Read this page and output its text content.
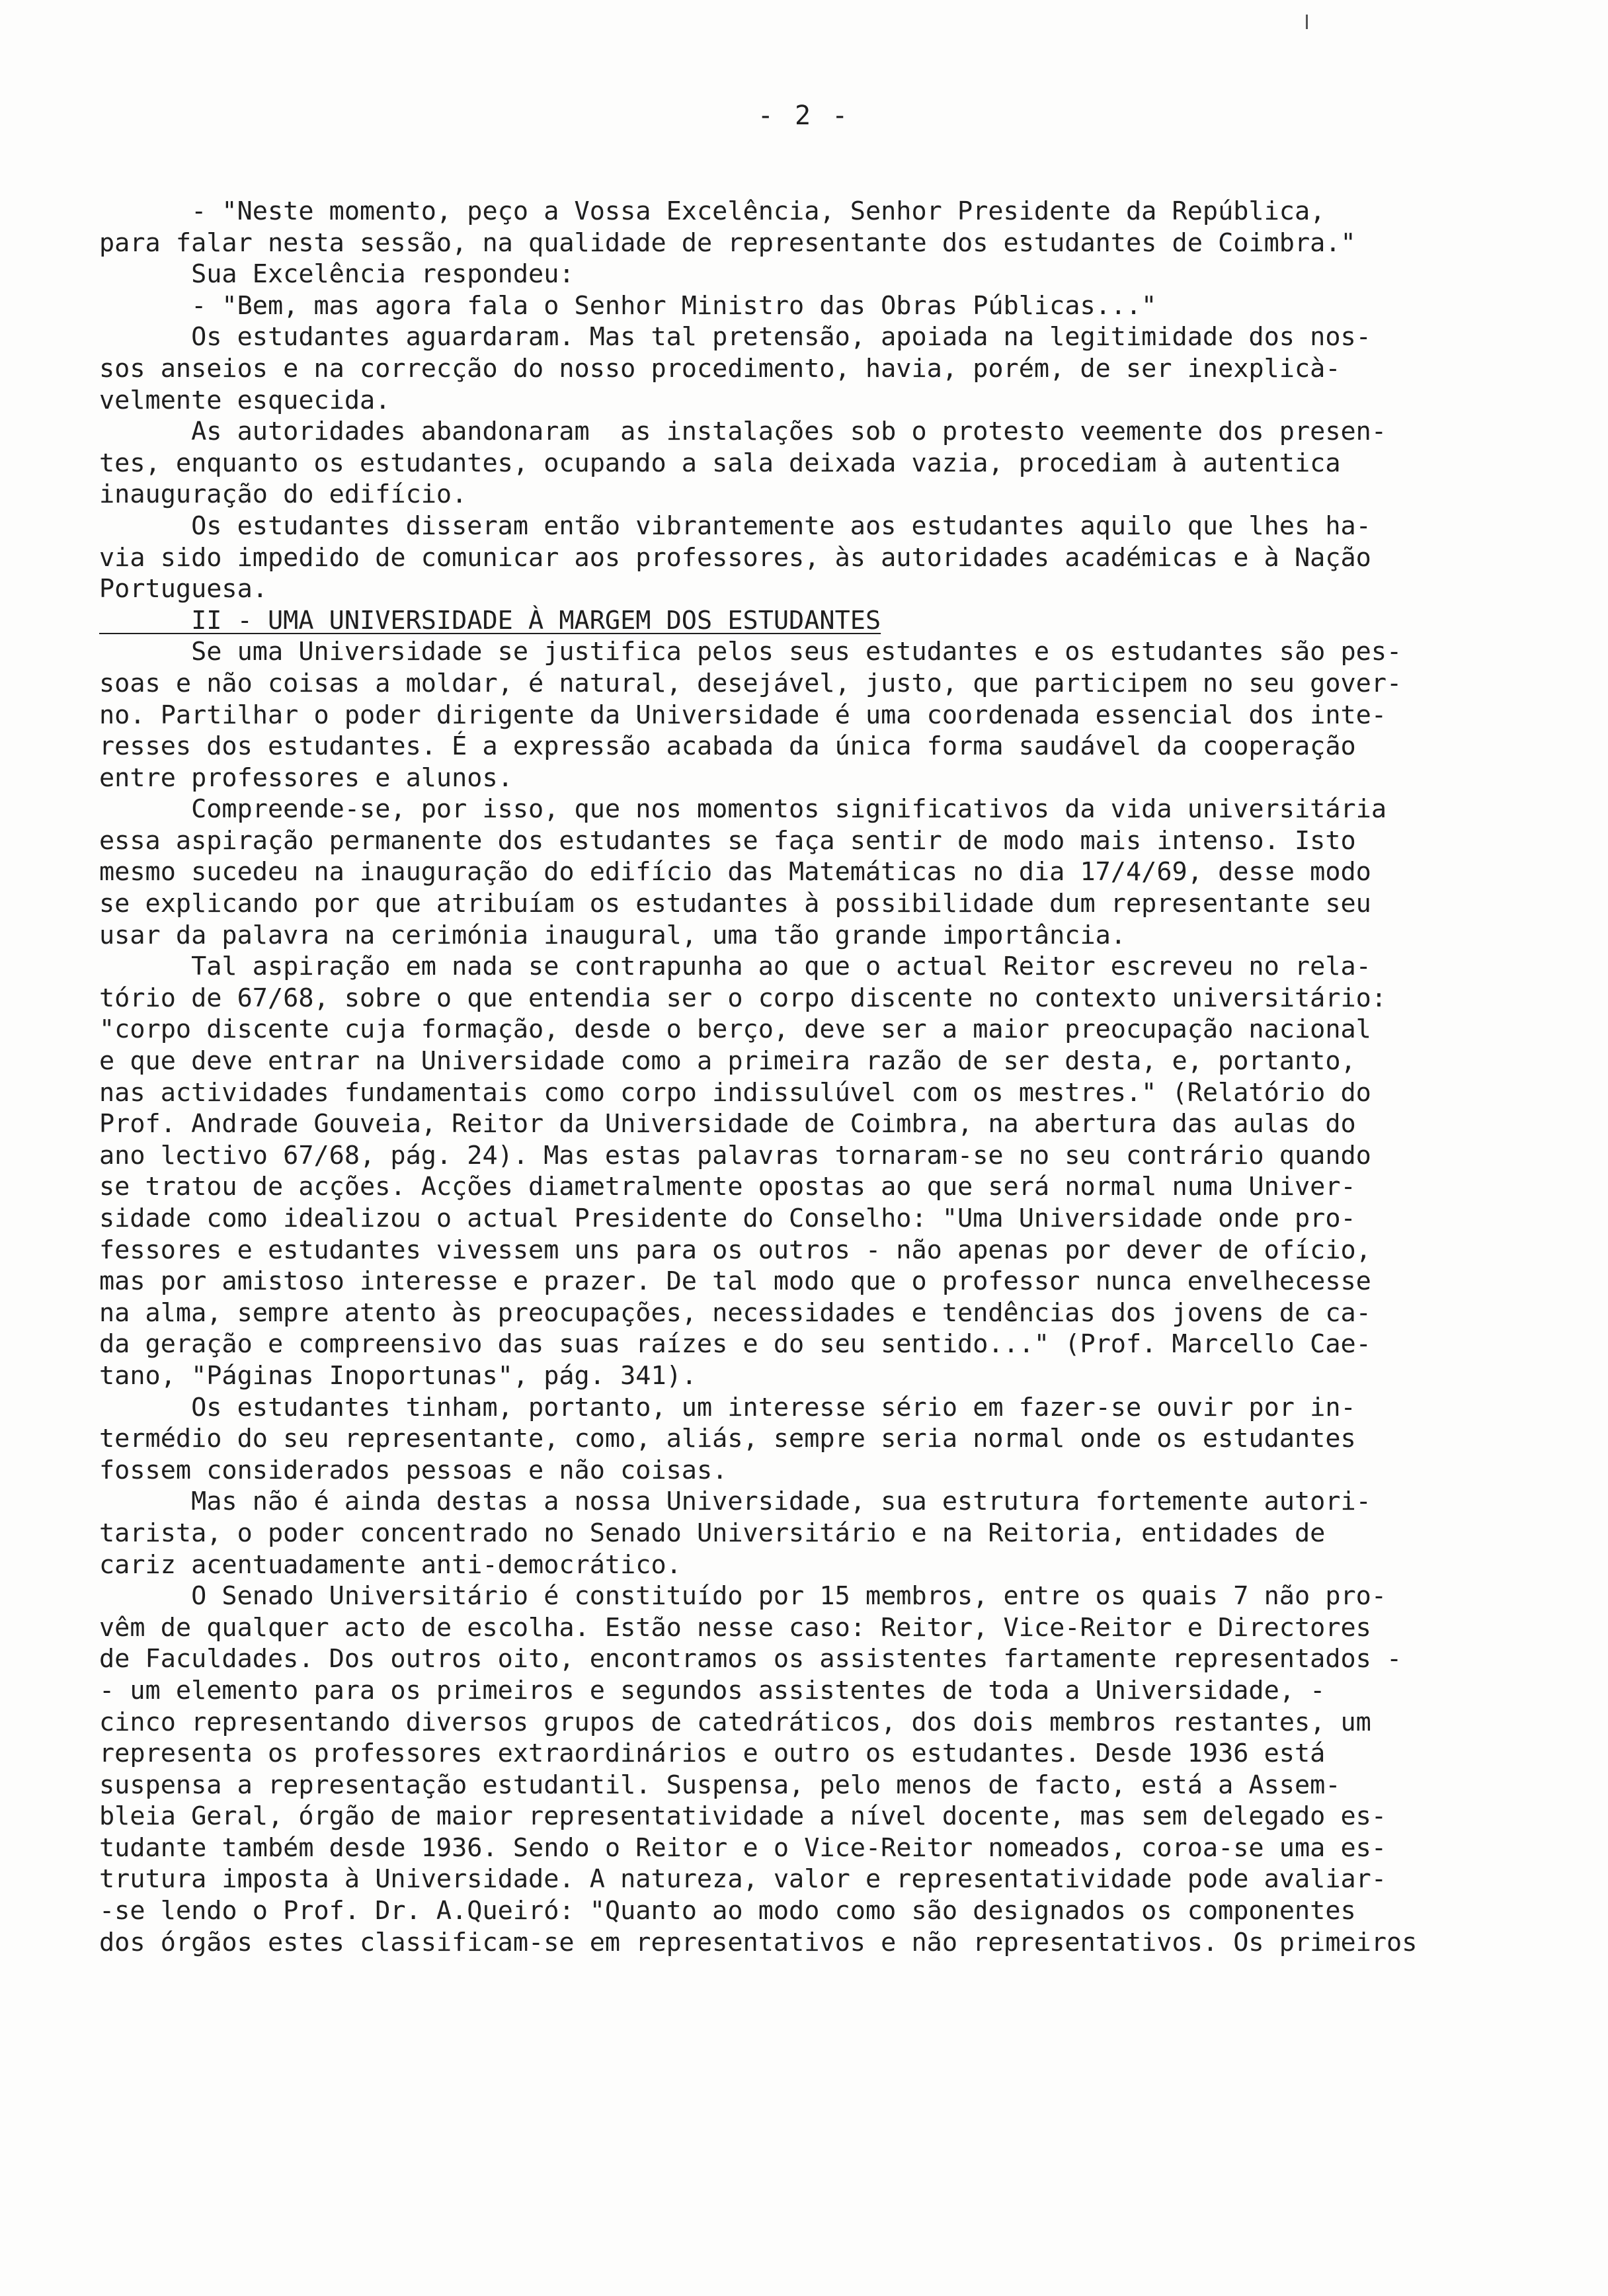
- 2 -
- "Neste momento, peço a Vossa Excelência, Senhor Presidente da República,
para falar nesta sessão, na qualidade de representante dos estudantes de Coimbra."
Sua Excelência respondeu:
- "Bem, mas agora fala o Senhor Ministro das Obras Públicas..."
Os estudantes aguardaram. Mas tal pretensão, apoiada na legitimidade dos nos-
sos anseios e na correcção do nosso procedimento, havia, porém, de ser inexplicà-
velmente esquecida.
As autoridades abandonaram  as instalações sob o protesto veemente dos presen-
tes, enquanto os estudantes, ocupando a sala deixada vazia, procediam à autentica
inauguração do edifício.
Os estudantes disseram então vibrantemente aos estudantes aquilo que lhes ha-
via sido impedido de comunicar aos professores, às autoridades académicas e à Nação
Portuguesa.
II - UMA UNIVERSIDADE À MARGEM DOS ESTUDANTES
Se uma Universidade se justifica pelos seus estudantes e os estudantes são pes-
soas e não coisas a moldar, é natural, desejável, justo, que participem no seu gover-
no. Partilhar o poder dirigente da Universidade é uma coordenada essencial dos inte-
resses dos estudantes. É a expressão acabada da única forma saudável da cooperação
entre professores e alunos.
Compreende-se, por isso, que nos momentos significativos da vida universitária
essa aspiração permanente dos estudantes se faça sentir de modo mais intenso. Isto
mesmo sucedeu na inauguração do edifício das Matemáticas no dia 17/4/69, desse modo
se explicando por que atribuíam os estudantes à possibilidade dum representante seu
usar da palavra na cerimónia inaugural, uma tão grande importância.
Tal aspiração em nada se contrapunha ao que o actual Reitor escreveu no rela-
tório de 67/68, sobre o que entendia ser o corpo discente no contexto universitário:
"corpo discente cuja formação, desde o berço, deve ser a maior preocupação nacional
e que deve entrar na Universidade como a primeira razão de ser desta, e, portanto,
nas actividades fundamentais como corpo indissulúvel com os mestres." (Relatório do
Prof. Andrade Gouveia, Reitor da Universidade de Coimbra, na abertura das aulas do
ano lectivo 67/68, pág. 24). Mas estas palavras tornaram-se no seu contrário quando
se tratou de acções. Acções diametralmente opostas ao que será normal numa Univer-
sidade como idealizou o actual Presidente do Conselho: "Uma Universidade onde pro-
fessores e estudantes vivessem uns para os outros - não apenas por dever de ofício,
mas por amistoso interesse e prazer. De tal modo que o professor nunca envelhecesse
na alma, sempre atento às preocupações, necessidades e tendências dos jovens de ca-
da geração e compreensivo das suas raízes e do seu sentido..." (Prof. Marcello Cae-
tano, "Páginas Inoportunas", pág. 341).
Os estudantes tinham, portanto, um interesse sério em fazer-se ouvir por in-
termédio do seu representante, como, aliás, sempre seria normal onde os estudantes
fossem considerados pessoas e não coisas.
Mas não é ainda destas a nossa Universidade, sua estrutura fortemente autori-
tarista, o poder concentrado no Senado Universitário e na Reitoria, entidades de
cariz acentuadamente anti-democrático.
O Senado Universitário é constituído por 15 membros, entre os quais 7 não pro-
vêm de qualquer acto de escolha. Estão nesse caso: Reitor, Vice-Reitor e Directores
de Faculdades. Dos outros oito, encontramos os assistentes fartamente representados -
- um elemento para os primeiros e segundos assistentes de toda a Universidade, -
cinco representando diversos grupos de catedráticos, dos dois membros restantes, um
representa os professores extraordinários e outro os estudantes. Desde 1936 está
suspensa a representação estudantil. Suspensa, pelo menos de facto, está a Assem-
bleia Geral, órgão de maior representatividade a nível docente, mas sem delegado es-
tudante também desde 1936. Sendo o Reitor e o Vice-Reitor nomeados, coroa-se uma es-
trutura imposta à Universidade. A natureza, valor e representatividade pode avaliar-
-se lendo o Prof. Dr. A.Queiró: "Quanto ao modo como são designados os componentes
dos órgãos estes classificam-se em representativos e não representativos. Os primeiros
